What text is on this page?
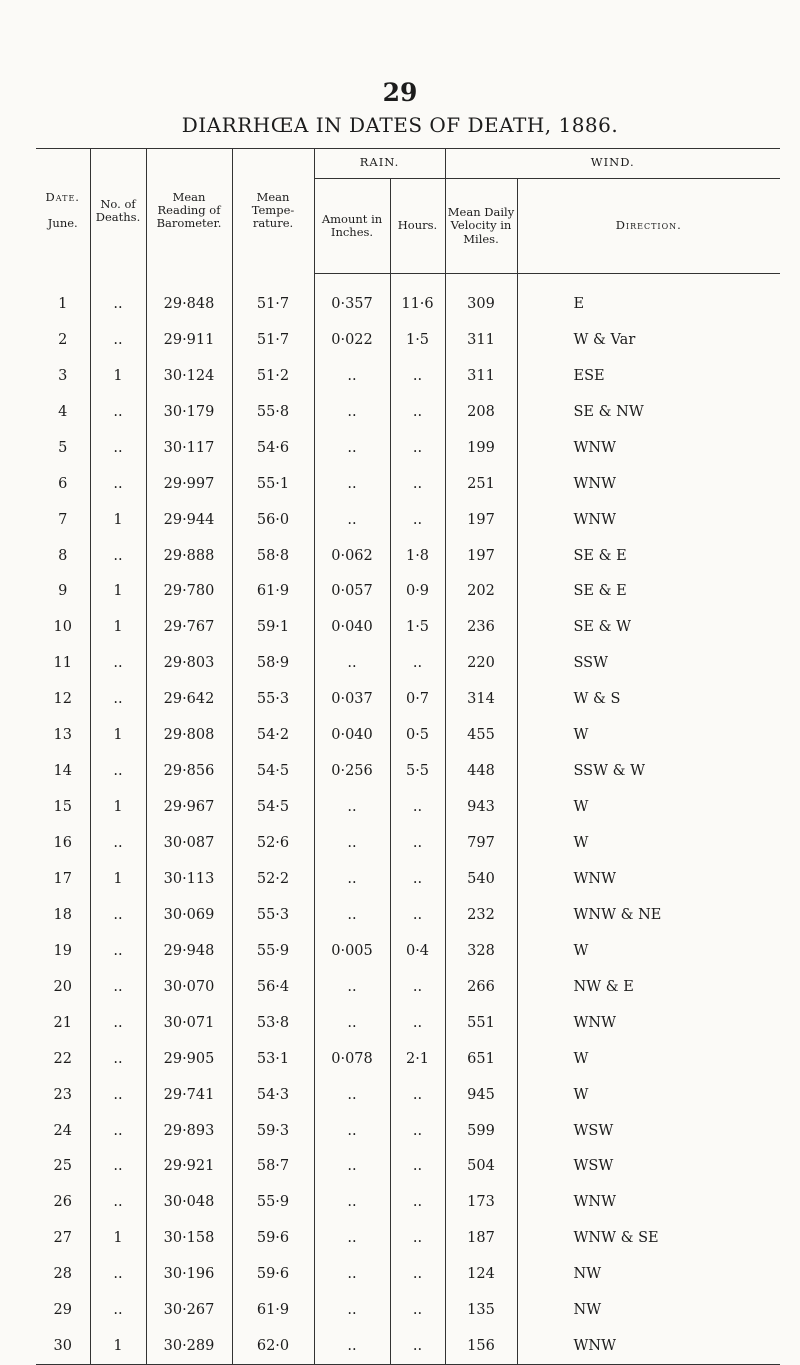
29
DIARRHŒA IN DATES OF DEATH, 1886.
Date.

June.	No. of Deaths.	Mean Reading of Barometer.	Mean Tempe- rature.	RAIN.		WIND.	
				Amount in Inches.	Hours.	Mean Daily Velocity in Miles.	Direction.

1	..	29·848	51·7	0·357	11·6	309	E
2	..	29·911	51·7	0·022	1·5	311	W & Var
3	1	30·124	51·2	..	..	311	ESE
4	..	30·179	55·8	..	..	208	SE & NW
5	..	30·117	54·6	..	..	199	WNW
6	..	29·997	55·1	..	..	251	WNW
7	1	29·944	56·0	..	..	197	WNW
8	..	29·888	58·8	0·062	1·8	197	SE & E
9	1	29·780	61·9	0·057	0·9	202	SE & E
10	1	29·767	59·1	0·040	1·5	236	SE & W
11	..	29·803	58·9	..	..	220	SSW
12	..	29·642	55·3	0·037	0·7	314	W & S
13	1	29·808	54·2	0·040	0·5	455	W
14	..	29·856	54·5	0·256	5·5	448	SSW & W
15	1	29·967	54·5	..	..	943	W
16	..	30·087	52·6	..	..	797	W
17	1	30·113	52·2	..	..	540	WNW
18	..	30·069	55·3	..	..	232	WNW & NE
19	..	29·948	55·9	0·005	0·4	328	W
20	..	30·070	56·4	..	..	266	NW & E
21	..	30·071	53·8	..	..	551	WNW
22	..	29·905	53·1	0·078	2·1	651	W
23	..	29·741	54·3	..	..	945	W
24	..	29·893	59·3	..	..	599	WSW
25	..	29·921	58·7	..	..	504	WSW
26	..	30·048	55·9	..	..	173	WNW
27	1	30·158	59·6	..	..	187	WNW & SE
28	..	30·196	59·6	..	..	124	NW
29	..	30·267	61·9	..	..	135	NW
30	1	30·289	62·0	..	..	156	WNW
